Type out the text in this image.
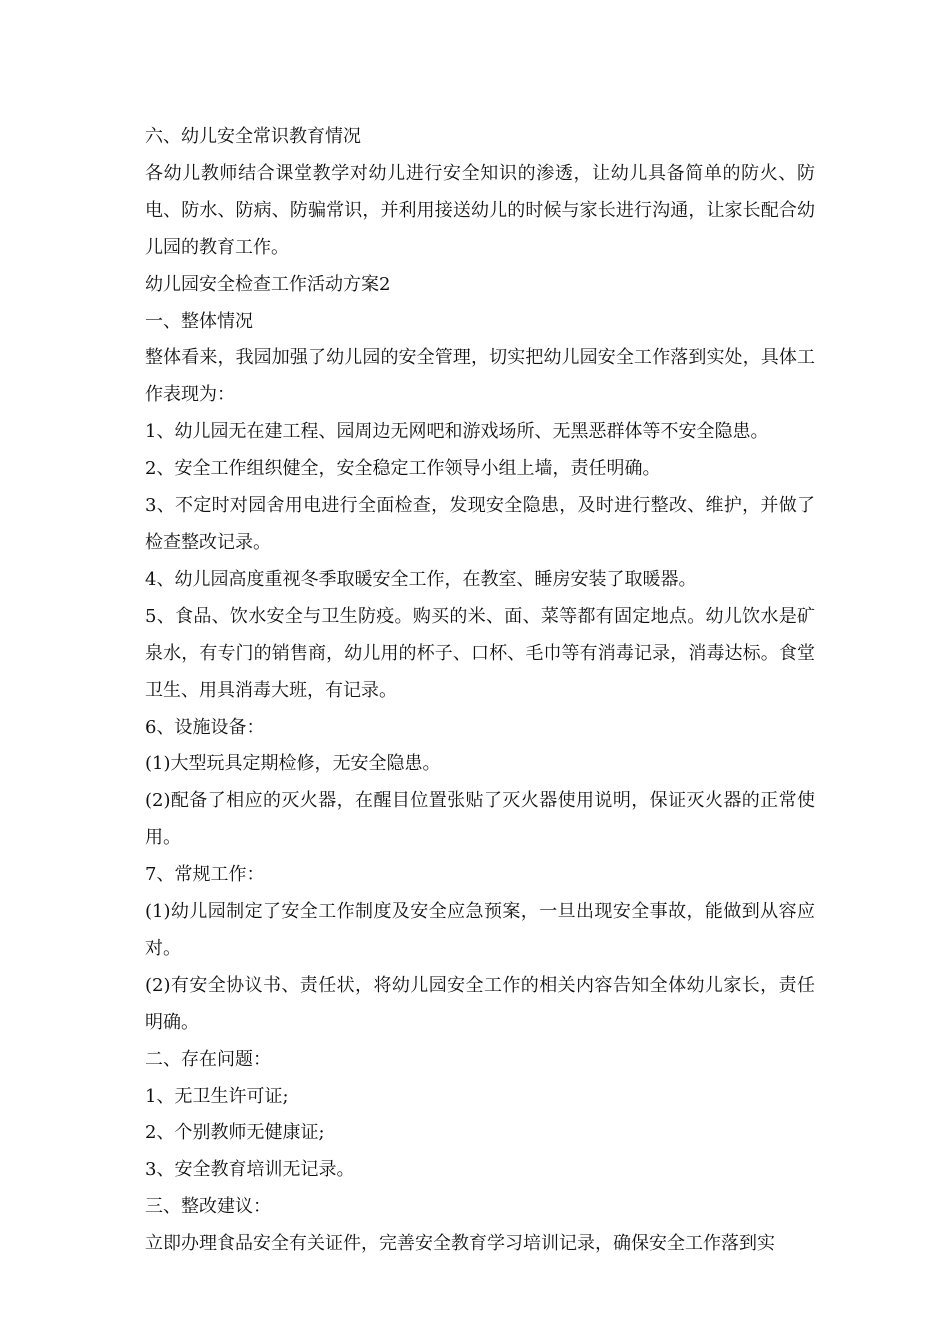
六、幼儿安全常识教育情况

各幼儿教师结合课堂教学对幼儿进行安全知识的渗透，让幼儿具备简单的防火、防电、防水、防病、防骗常识，并利用接送幼儿的时候与家长进行沟通，让家长配合幼儿园的教育工作。

幼儿园安全检查工作活动方案2

一、整体情况

整体看来，我园加强了幼儿园的安全管理，切实把幼儿园安全工作落到实处，具体工作表现为：

1、幼儿园无在建工程、园周边无网吧和游戏场所、无黑恶群体等不安全隐患。

2、安全工作组织健全，安全稳定工作领导小组上墙，责任明确。

3、不定时对园舍用电进行全面检查，发现安全隐患，及时进行整改、维护，并做了检查整改记录。

4、幼儿园高度重视冬季取暖安全工作，在教室、睡房安装了取暖器。

5、食品、饮水安全与卫生防疫。购买的米、面、菜等都有固定地点。幼儿饮水是矿泉水，有专门的销售商，幼儿用的杯子、口杯、毛巾等有消毒记录，消毒达标。食堂卫生、用具消毒大班，有记录。

6、设施设备：

(1)大型玩具定期检修，无安全隐患。

(2)配备了相应的灭火器，在醒目位置张贴了灭火器使用说明，保证灭火器的正常使用。

7、常规工作：

(1)幼儿园制定了安全工作制度及安全应急预案，一旦出现安全事故，能做到从容应对。

(2)有安全协议书、责任状，将幼儿园安全工作的相关内容告知全体幼儿家长，责任明确。

二、存在问题：

1、无卫生许可证;

2、个别教师无健康证;

3、安全教育培训无记录。

三、整改建议：

立即办理食品安全有关证件，完善安全教育学习培训记录，确保安全工作落到实
